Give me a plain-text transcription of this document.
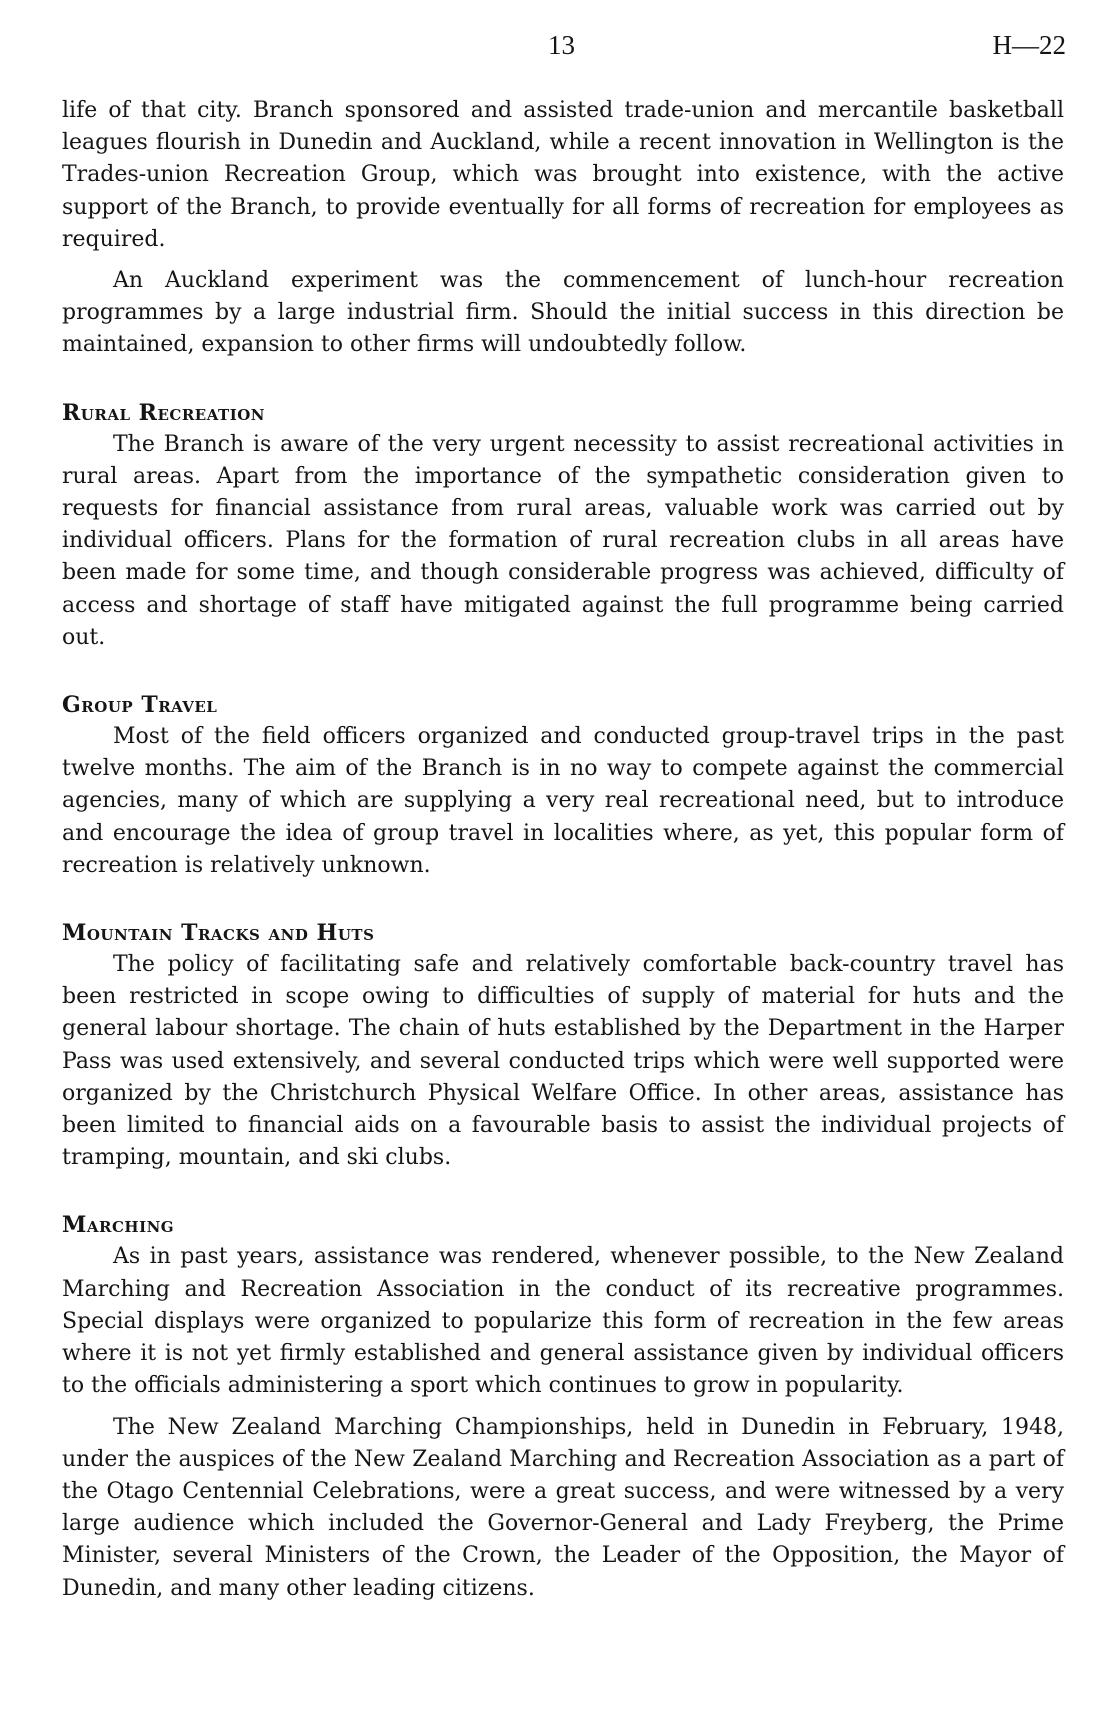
13	H—22

life of that city. Branch sponsored and assisted trade-union and mercantile basketball leagues flourish in Dunedin and Auckland, while a recent innovation in Wellington is the Trades-union Recreation Group, which was brought into existence, with the active support of the Branch, to provide eventually for all forms of recreation for employees as required.

An Auckland experiment was the commencement of lunch-hour recreation programmes by a large industrial firm. Should the initial success in this direction be maintained, expansion to other firms will undoubtedly follow.

Rural Recreation

The Branch is aware of the very urgent necessity to assist recreational activities in rural areas. Apart from the importance of the sympathetic consideration given to requests for financial assistance from rural areas, valuable work was carried out by individual officers. Plans for the formation of rural recreation clubs in all areas have been made for some time, and though considerable progress was achieved, difficulty of access and shortage of staff have mitigated against the full programme being carried out.

Group Travel

Most of the field officers organized and conducted group-travel trips in the past twelve months. The aim of the Branch is in no way to compete against the commercial agencies, many of which are supplying a very real recreational need, but to introduce and encourage the idea of group travel in localities where, as yet, this popular form of recreation is relatively unknown.

Mountain Tracks and Huts

The policy of facilitating safe and relatively comfortable back-country travel has been restricted in scope owing to difficulties of supply of material for huts and the general labour shortage. The chain of huts established by the Department in the Harper Pass was used extensively, and several conducted trips which were well supported were organized by the Christchurch Physical Welfare Office. In other areas, assistance has been limited to financial aids on a favourable basis to assist the individual projects of tramping, mountain, and ski clubs.

Marching

As in past years, assistance was rendered, whenever possible, to the New Zealand Marching and Recreation Association in the conduct of its recreative programmes. Special displays were organized to popularize this form of recreation in the few areas where it is not yet firmly established and general assistance given by individual officers to the officials administering a sport which continues to grow in popularity.

The New Zealand Marching Championships, held in Dunedin in February, 1948, under the auspices of the New Zealand Marching and Recreation Association as a part of the Otago Centennial Celebrations, were a great success, and were witnessed by a very large audience which included the Governor-General and Lady Freyberg, the Prime Minister, several Ministers of the Crown, the Leader of the Opposition, the Mayor of Dunedin, and many other leading citizens.
